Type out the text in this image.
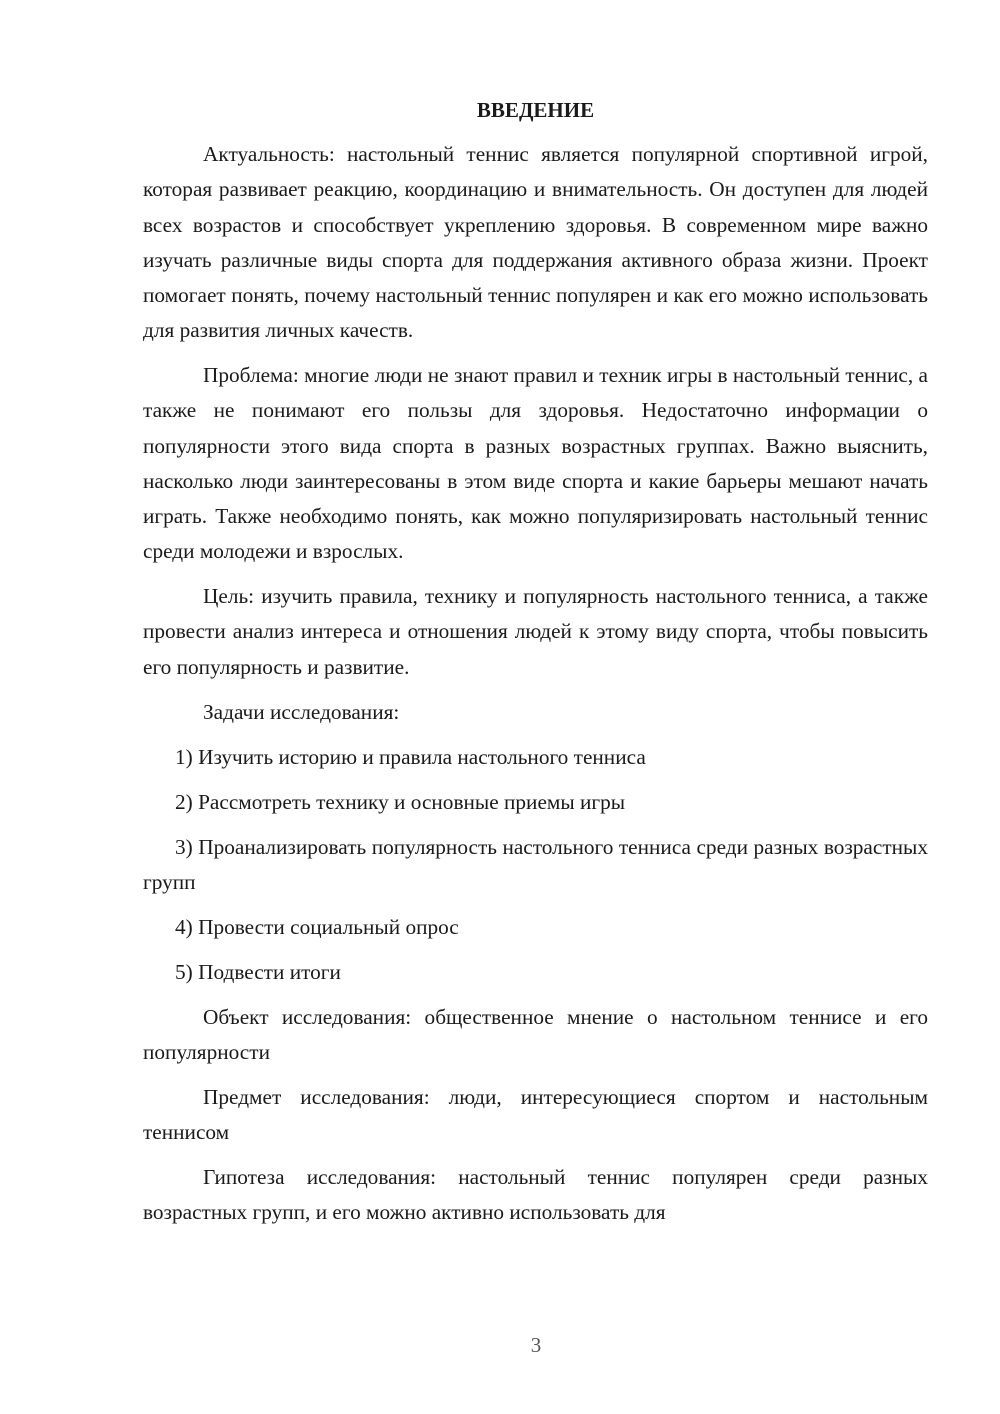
ВВЕДЕНИЕ

Актуальность: настольный теннис является популярной спортивной игрой, которая развивает реакцию, координацию и внимательность. Он доступен для людей всех возрастов и способствует укреплению здоровья. В современном мире важно изучать различные виды спорта для поддержания активного образа жизни. Проект помогает понять, почему настольный теннис популярен и как его можно использовать для развития личных качеств.

Проблема: многие люди не знают правил и техник игры в настольный теннис, а также не понимают его пользы для здоровья. Недостаточно информации о популярности этого вида спорта в разных возрастных группах. Важно выяснить, насколько люди заинтересованы в этом виде спорта и какие барьеры мешают начать играть. Также необходимо понять, как можно популяризировать настольный теннис среди молодежи и взрослых.

Цель: изучить правила, технику и популярность настольного тенниса, а также провести анализ интереса и отношения людей к этому виду спорта, чтобы повысить его популярность и развитие.

Задачи исследования:

1) Изучить историю и правила настольного тенниса

2) Рассмотреть технику и основные приемы игры

3) Проанализировать популярность настольного тенниса среди разных возрастных групп

4) Провести социальный опрос

5) Подвести итоги

Объект исследования: общественное мнение о настольном теннисе и его популярности

Предмет исследования: люди, интересующиеся спортом и настольным теннисом

Гипотеза исследования: настольный теннис популярен среди разных возрастных групп, и его можно активно использовать для

3
